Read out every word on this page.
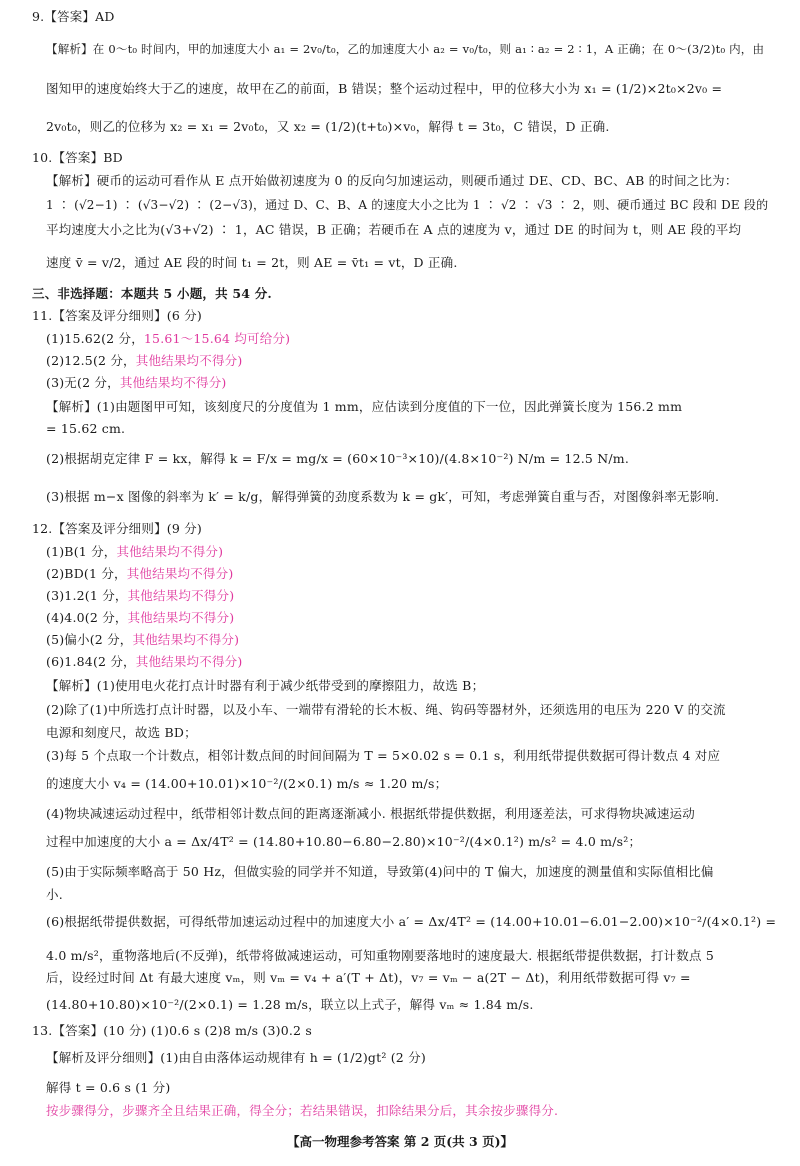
9.【答案】AD
【解析】在 0～t₀ 时间内，甲的加速度大小 a₁ = 2v₀/t₀，乙的加速度大小 a₂ = v₀/t₀，则 a₁ ∶ a₂ = 2 ∶ 1，A 正确；在 0～(3/2)t₀ 内，由
图知甲的速度始终大于乙的速度，故甲在乙的前面，B 错误；整个运动过程中，甲的位移大小为 x₁ = (1/2)×2t₀×2v₀ =
2v₀t₀，则乙的位移为 x₂ = x₁ = 2v₀t₀，又 x₂ = (1/2)(t+t₀)×v₀，解得 t = 3t₀，C 错误，D 正确.
10.【答案】BD
【解析】硬币的运动可看作从 E 点开始做初速度为 0 的反向匀加速运动，则硬币通过 DE、CD、BC、AB 的时间之比为：
1 ∶ (√2−1) ∶ (√3−√2) ∶ (2−√3)，通过 D、C、B、A 的速度大小之比为 1 ∶ √2 ∶ √3 ∶ 2，则、硬币通过 BC 段和 DE 段的
平均速度大小之比为(√3+√2) ∶ 1，AC 错误，B 正确；若硬币在 A 点的速度为 v，通过 DE 的时间为 t，则 AE 段的平均
速度 v̄ = v/2，通过 AE 段的时间 t₁ = 2t，则 AE = v̄t₁ = vt，D 正确.
三、非选择题：本题共 5 小题，共 54 分.
11.【答案及评分细则】(6 分)
(1)15.62(2 分，15.61～15.64 均可给分)
(2)12.5(2 分，其他结果均不得分)
(3)无(2 分，其他结果均不得分)
【解析】(1)由题图甲可知，该刻度尺的分度值为 1 mm，应估读到分度值的下一位，因此弹簧长度为 156.2 mm
= 15.62 cm.
(2)根据胡克定律 F = kx，解得 k = F/x = mg/x = (60×10⁻³×10)/(4.8×10⁻²) N/m = 12.5 N/m.
(3)根据 m−x 图像的斜率为 k′ = k/g，解得弹簧的劲度系数为 k = gk′，可知，考虑弹簧自重与否，对图像斜率无影响.
12.【答案及评分细则】(9 分)
(1)B(1 分，其他结果均不得分)
(2)BD(1 分，其他结果均不得分)
(3)1.2(1 分，其他结果均不得分)
(4)4.0(2 分，其他结果均不得分)
(5)偏小(2 分，其他结果均不得分)
(6)1.84(2 分，其他结果均不得分)
【解析】(1)使用电火花打点计时器有利于减少纸带受到的摩擦阻力，故选 B；
(2)除了(1)中所选打点计时器，以及小车、一端带有滑轮的长木板、绳、钩码等器材外，还须选用的电压为 220 V 的交流
电源和刻度尺，故选 BD；
(3)每 5 个点取一个计数点，相邻计数点间的时间间隔为 T = 5×0.02 s = 0.1 s，利用纸带提供数据可得计数点 4 对应
的速度大小 v₄ = (14.00+10.01)×10⁻²/(2×0.1) m/s ≈ 1.20 m/s；
(4)物块减速运动过程中，纸带相邻计数点间的距离逐渐减小. 根据纸带提供数据，利用逐差法，可求得物块减速运动
过程中加速度的大小 a = Δx/4T² = (14.80+10.80−6.80−2.80)×10⁻²/(4×0.1²) m/s² = 4.0 m/s²；
(5)由于实际频率略高于 50 Hz，但做实验的同学并不知道，导致第(4)问中的 T 偏大，加速度的测量值和实际值相比偏
小.
(6)根据纸带提供数据，可得纸带加速运动过程中的加速度大小 a′ = Δx/4T² = (14.00+10.01−6.01−2.00)×10⁻²/(4×0.1²) =
4.0 m/s²，重物落地后(不反弹)，纸带将做减速运动，可知重物刚要落地时的速度最大. 根据纸带提供数据，打计数点 5
后，设经过时间 Δt 有最大速度 vₘ，则 vₘ = v₄ + a′(T + Δt)，v₇ = vₘ − a(2T − Δt)，利用纸带数据可得 v₇ =
(14.80+10.80)×10⁻²/(2×0.1) = 1.28 m/s，联立以上式子，解得 vₘ ≈ 1.84 m/s.
13.【答案】(10 分) (1)0.6 s (2)8 m/s (3)0.2 s
【解析及评分细则】(1)由自由落体运动规律有 h = (1/2)gt² (2 分)
解得 t = 0.6 s (1 分)
按步骤得分，步骤齐全且结果正确，得全分；若结果错误，扣除结果分后，其余按步骤得分.
【高一物理参考答案 第 2 页(共 3 页)】
